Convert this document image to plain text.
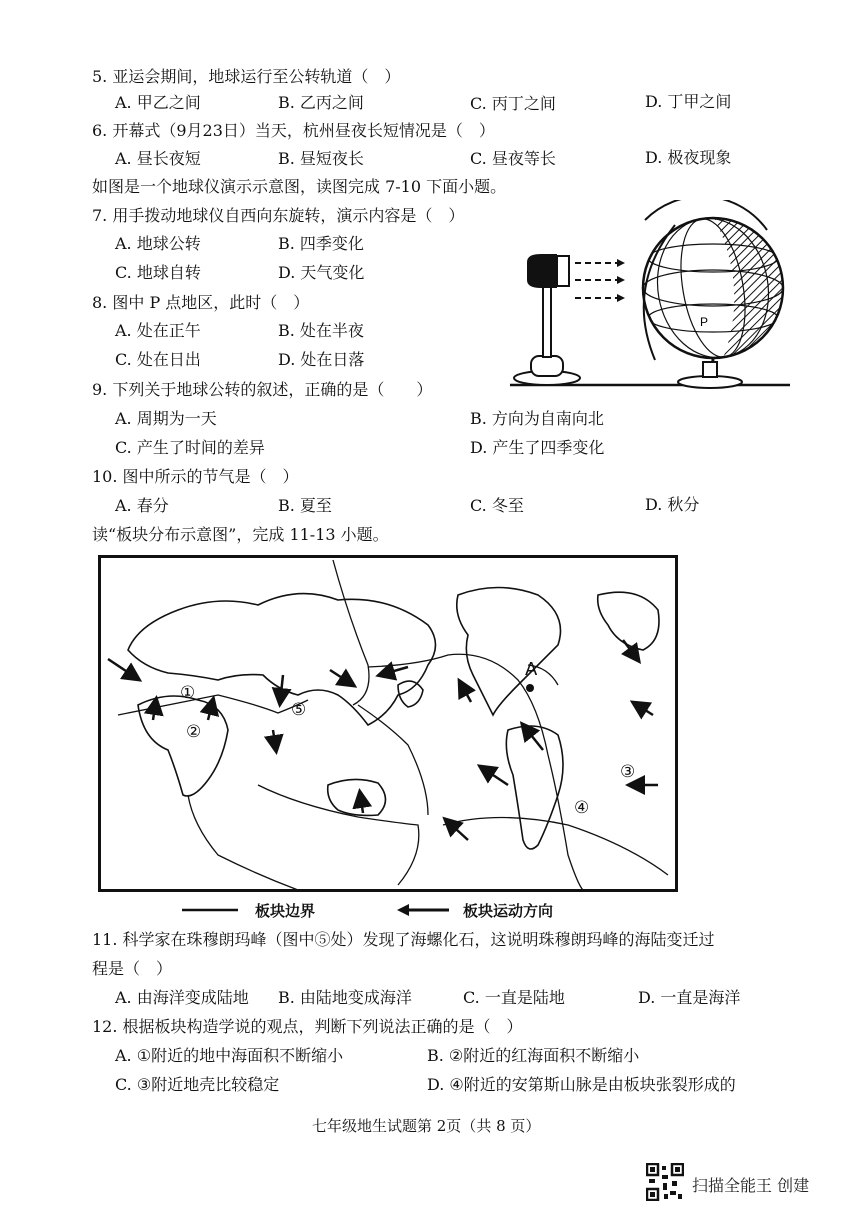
5. 亚运会期间，地球运行至公转轨道（　）
A. 甲乙之间	B. 乙丙之间	C. 丙丁之间	D. 丁甲之间
6. 开幕式（9月23日）当天，杭州昼夜长短情况是（　）
A. 昼长夜短	B. 昼短夜长	C. 昼夜等长	D. 极夜现象
如图是一个地球仪演示示意图，读图完成 7-10 下面小题。
7. 用手拨动地球仪自西向东旋转，演示内容是（　）
A. 地球公转	B. 四季变化
C. 地球自转	D. 天气变化
8. 图中 P 点地区，此时（　）
A. 处在正午	B. 处在半夜
C. 处在日出	D. 处在日落
P
9. 下列关于地球公转的叙述，正确的是（　　）
A. 周期为一天	B. 方向为自南向北
C. 产生了时间的差异	D. 产生了四季变化
10. 图中所示的节气是（　）
A. 春分	B. 夏至	C. 冬至	D. 秋分
读“板块分布示意图”，完成 11-13 小题。
①
②
③
④
⑤
A
板块边界	板块运动方向
11. 科学家在珠穆朗玛峰（图中⑤处）发现了海螺化石，这说明珠穆朗玛峰的海陆变迁过
程是（　）
A. 由海洋变成陆地 B. 由陆地变成海洋	C. 一直是陆地	D. 一直是海洋
12. 根据板块构造学说的观点，判断下列说法正确的是（　）
A. ①附近的地中海面积不断缩小	B. ②附近的红海面积不断缩小
C. ③附近地壳比较稳定	D. ④附近的安第斯山脉是由板块张裂形成的
七年级地生试题第 2页（共 8 页）
扫描全能王 创建
